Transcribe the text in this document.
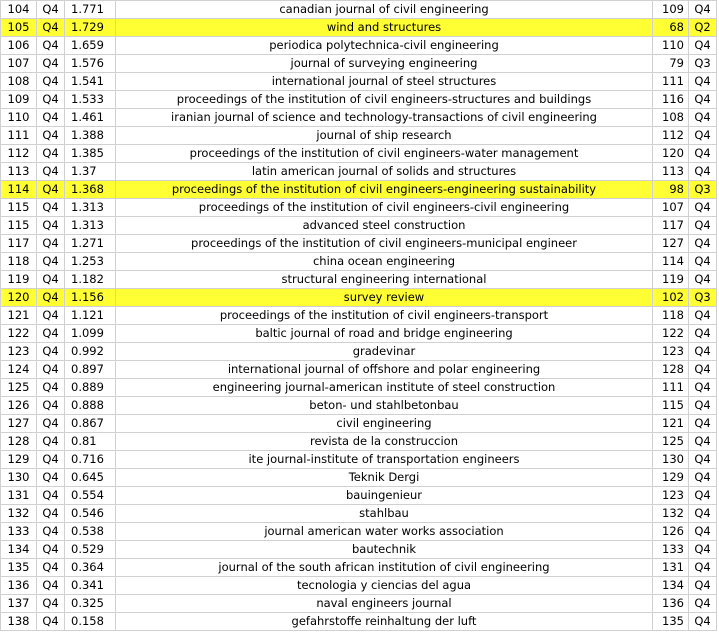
104	Q4	1.771	canadian journal of civil engineering	109	Q4
105	Q4	1.729	wind and structures	68	Q2
106	Q4	1.659	periodica polytechnica-civil engineering	110	Q4
107	Q4	1.576	journal of surveying engineering	79	Q3
108	Q4	1.541	international journal of steel structures	111	Q4
109	Q4	1.533	proceedings of the institution of civil engineers-structures and buildings	116	Q4
110	Q4	1.461	iranian journal of science and technology-transactions of civil engineering	108	Q4
111	Q4	1.388	journal of ship research	112	Q4
112	Q4	1.385	proceedings of the institution of civil engineers-water management	120	Q4
113	Q4	1.37	latin american journal of solids and structures	113	Q4
114	Q4	1.368	proceedings of the institution of civil engineers-engineering sustainability	98	Q3
115	Q4	1.313	proceedings of the institution of civil engineers-civil engineering	107	Q4
115	Q4	1.313	advanced steel construction	117	Q4
117	Q4	1.271	proceedings of the institution of civil engineers-municipal engineer	127	Q4
118	Q4	1.253	china ocean engineering	114	Q4
119	Q4	1.182	structural engineering international	119	Q4
120	Q4	1.156	survey review	102	Q3
121	Q4	1.121	proceedings of the institution of civil engineers-transport	118	Q4
122	Q4	1.099	baltic journal of road and bridge engineering	122	Q4
123	Q4	0.992	gradevinar	123	Q4
124	Q4	0.897	international journal of offshore and polar engineering	128	Q4
125	Q4	0.889	engineering journal-american institute of steel construction	111	Q4
126	Q4	0.888	beton- und stahlbetonbau	115	Q4
127	Q4	0.867	civil engineering	121	Q4
128	Q4	0.81	revista de la construccion	125	Q4
129	Q4	0.716	ite journal-institute of transportation engineers	130	Q4
130	Q4	0.645	Teknik Dergi	129	Q4
131	Q4	0.554	bauingenieur	123	Q4
132	Q4	0.546	stahlbau	132	Q4
133	Q4	0.538	journal american water works association	126	Q4
134	Q4	0.529	bautechnik	133	Q4
135	Q4	0.364	journal of the south african institution of civil engineering	131	Q4
136	Q4	0.341	tecnologia y ciencias del agua	134	Q4
137	Q4	0.325	naval engineers journal	136	Q4
138	Q4	0.158	gefahrstoffe reinhaltung der luft	135	Q4
